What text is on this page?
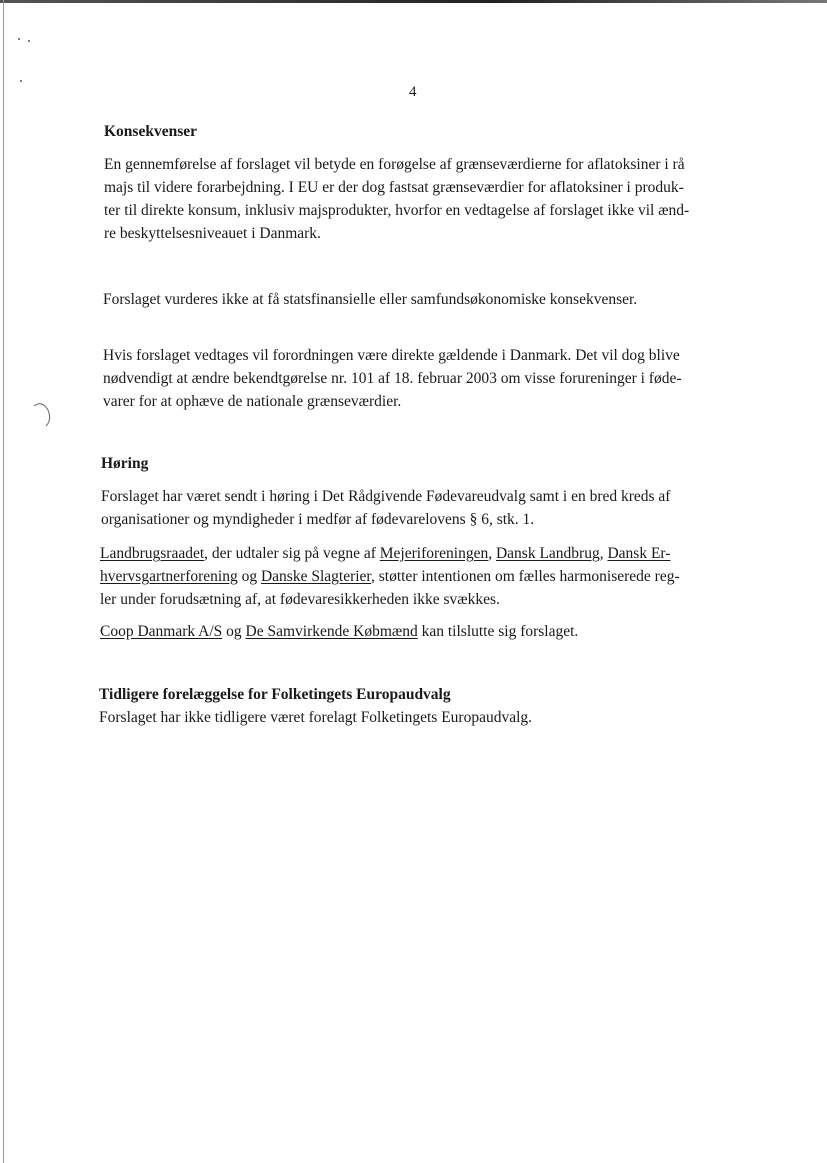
4
Konsekvenser

En gennemførelse af forslaget vil betyde en forøgelse af grænseværdierne for aflatoksiner i rå
majs til videre forarbejdning. I EU er der dog fastsat grænseværdier for aflatoksiner i produk-
ter til direkte konsum, inklusiv majsprodukter, hvorfor en vedtagelse af forslaget ikke vil ænd-
re beskyttelsesniveauet i Danmark.

Forslaget vurderes ikke at få statsfinansielle eller samfundsøkonomiske konsekvenser.
Hvis forslaget vedtages vil forordningen være direkte gældende i Danmark. Det vil dog blive
nødvendigt at ændre bekendtgørelse nr. 101 af 18. februar 2003 om visse forureninger i føde-
varer for at ophæve de nationale grænseværdier.
Høring

Forslaget har været sendt i høring i Det Rådgivende Fødevareudvalg samt i en bred kreds af
organisationer og myndigheder i medfør af fødevarelovens § 6, stk. 1.

Landbrugsraadet, der udtaler sig på vegne af Mejeriforeningen, Dansk Landbrug, Dansk Er-
hvervsgartnerforening og Danske Slagterier, støtter intentionen om fælles harmoniserede reg-
ler under forudsætning af, at fødevaresikkerheden ikke svækkes.
Coop Danmark A/S og De Samvirkende Købmænd kan tilslutte sig forslaget.
Tidligere forelæggelse for Folketingets Europaudvalg
Forslaget har ikke tidligere været forelagt Folketingets Europaudvalg.
